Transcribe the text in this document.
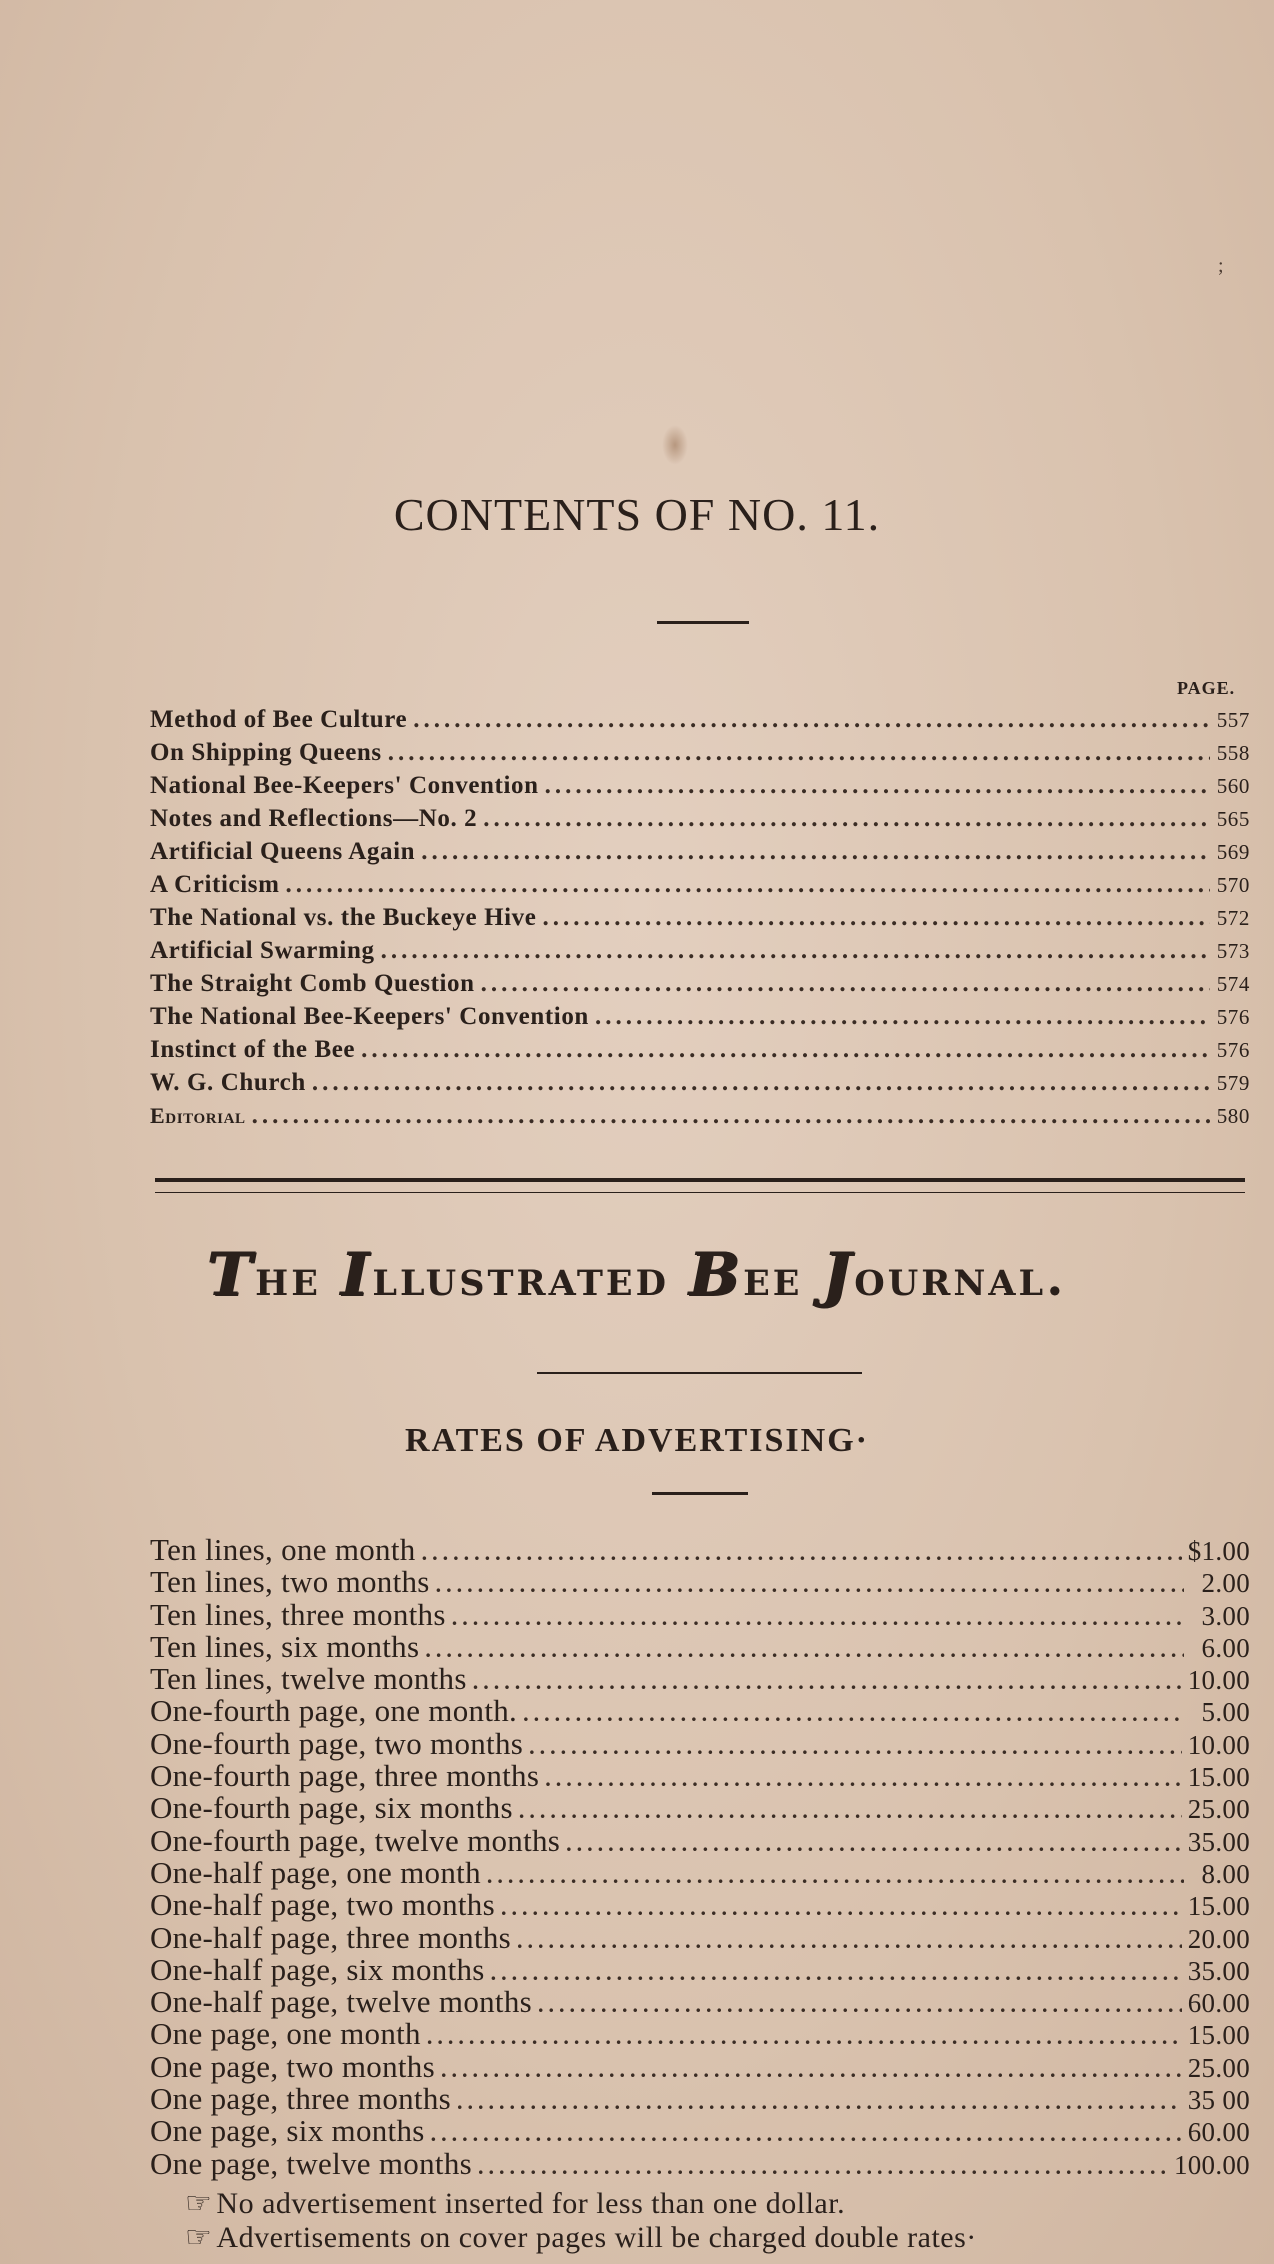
;
CONTENTS OF NO. 11.
PAGE.
Method of Bee Culture .....	557
On Shipping Queens .....	558
National Bee-Keepers' Convention .....	560
Notes and Reflections—No. 2 .....	565
Artificial Queens Again .....	569
A Criticism .....	570
The National vs. the Buckeye Hive .....	572
Artificial Swarming .....	573
The Straight Comb Question .....	574
The National Bee-Keepers' Convention .....	576
Instinct of the Bee .....	576
W. G. Church .....	579
Editorial .....	580
The Illustrated Bee Journal.
RATES OF ADVERTISING·
Ten lines, one month .....	$1.00
Ten lines, two months .....	2.00
Ten lines, three months .....	3.00
Ten lines, six months .....	6.00
Ten lines, twelve months .....	10.00
One-fourth page, one month. .....	5.00
One-fourth page, two months .....	10.00
One-fourth page, three months .....	15.00
One-fourth page, six months .....	25.00
One-fourth page, twelve months .....	35.00
One-half page, one month .....	8.00
One-half page, two months .....	15.00
One-half page, three months .....	20.00
One-half page, six months .....	35.00
One-half page, twelve months .....	60.00
One page, one month .....	15.00
One page, two months .....	25.00
One page, three months .....	35 00
One page, six months .....	60.00
One page, twelve months .....	100.00
☞ No advertisement inserted for less than one dollar.
☞ Advertisements on cover pages will be charged double rates·
